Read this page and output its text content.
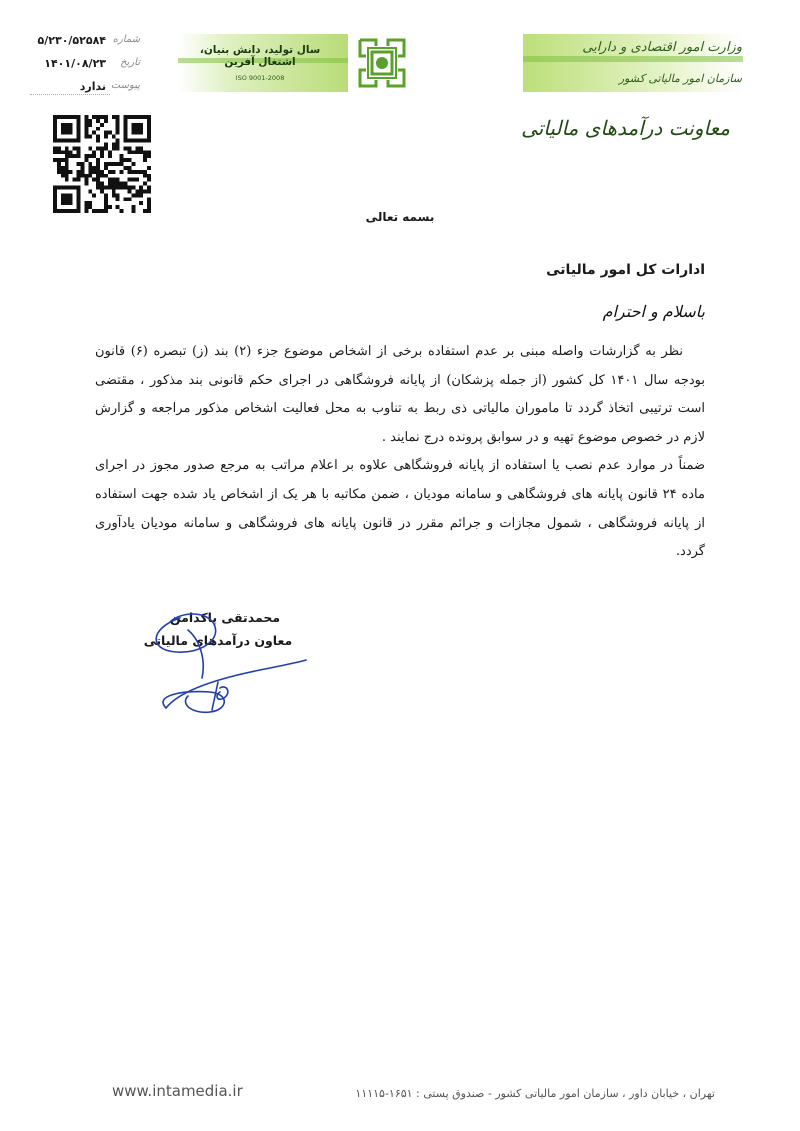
وزارت امور اقتصادی و دارایی
سازمان امور مالیاتی کشور
سال تولید، دانش بنیان، اشتغال آفرین
ISO 9001-2008
معاونت درآمدهای مالیاتی
شماره
۵/۲۳۰/۵۲۵۸۴
تاریخ
۱۴۰۱/۰۸/۲۳
پیوست
ندارد
بسمه تعالی
ادارات کل امور مالیاتی
باسلام و احترام

نظر به گزارشات واصله مبنی بر عدم استفاده برخی از اشخاص موضوع جزء (۲) بند (ز) تبصره (۶) قانون بودجه سال ۱۴۰۱ کل کشور (از جمله پزشکان) از پایانه فروشگاهی در اجرای حکم قانونی بند مذکور ، مقتضی است ترتیبی اتخاذ گردد تا ماموران مالیاتی ذی ربط به تناوب به محل فعالیت اشخاص مذکور مراجعه و گزارش لازم در خصوص موضوع تهیه و در سوابق پرونده درج نمایند .

ضمناً در موارد عدم نصب یا استفاده از پایانه فروشگاهی علاوه بر اعلام مراتب به مرجع صدور مجوز در اجرای ماده ۲۴ قانون پایانه های فروشگاهی و سامانه مودیان ، ضمن مکاتبه با هر یک از اشخاص یاد شده جهت استفاده از پایانه فروشگاهی ، شمول مجازات و جرائم مقرر در قانون پایانه های فروشگاهی و سامانه مودیان یادآوری گردد.

محمدتقی پاکدامن
معاون درآمدهای مالیاتی
تهران ، خیابان داور ، سازمان امور مالیاتی کشور - صندوق پستی : ۱۶۵۱-۱۱۱۱۵
www.intamedia.ir
